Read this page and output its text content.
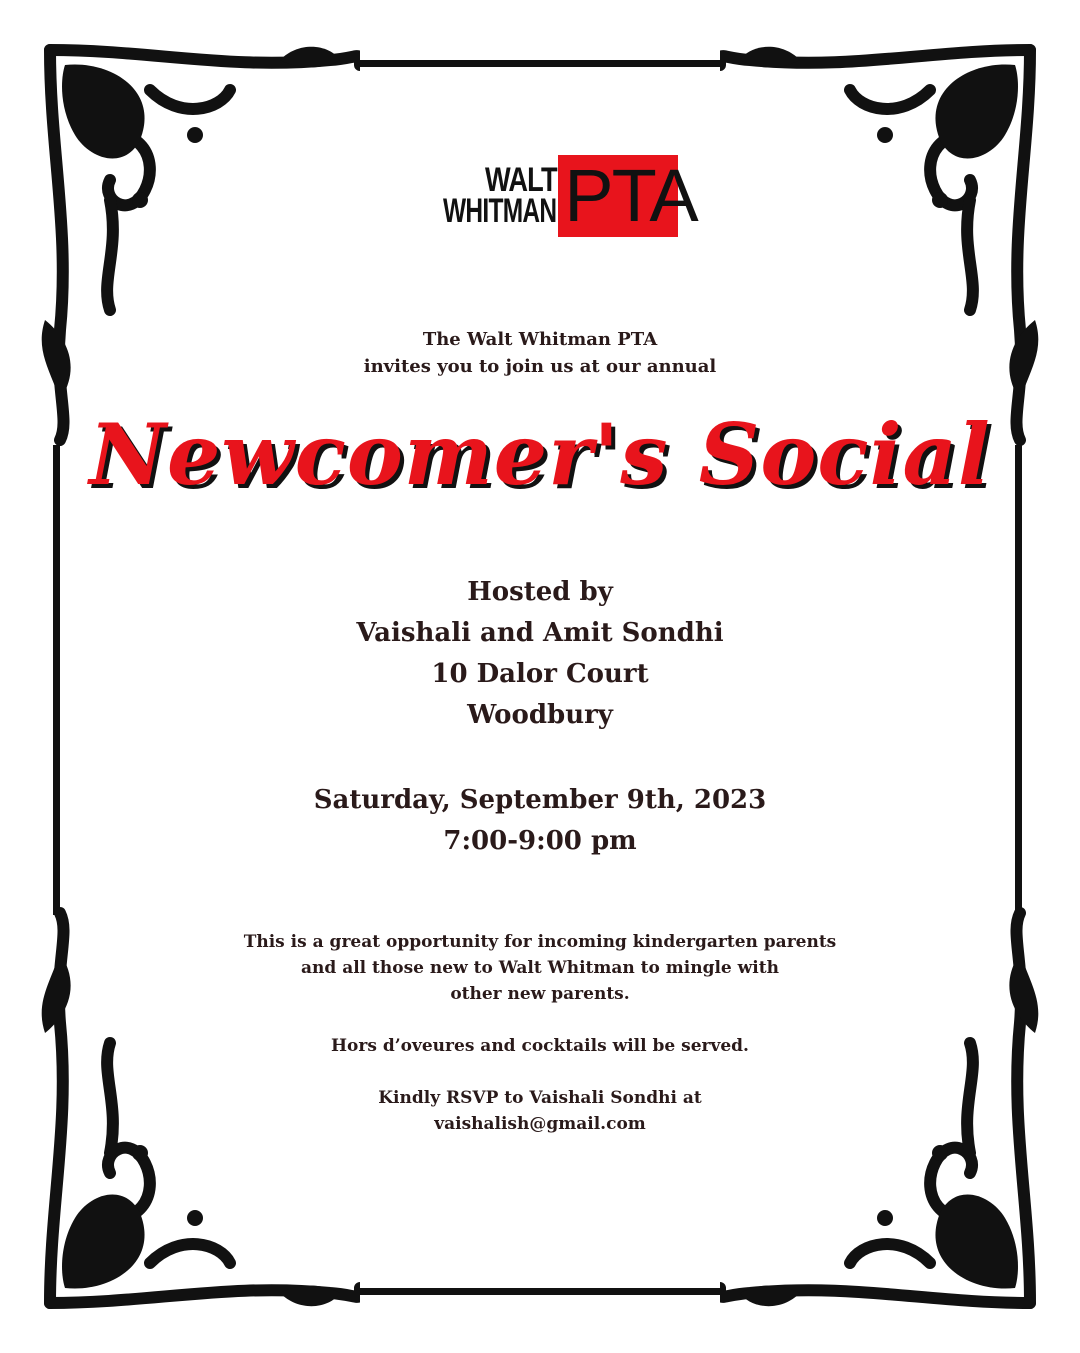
WALT
WHITMAN PTA
The Walt Whitman PTA
invites you to join us at our annual
Newcomer's Social
Hosted by
Vaishali and Amit Sondhi
10 Dalor Court
Woodbury
Saturday, September 9th, 2023
7:00-9:00 pm

This is a great opportunity for incoming kindergarten parents
and all those new to Walt Whitman to mingle with
other new parents.

Hors d’oveures and cocktails will be served.

Kindly RSVP to Vaishali Sondhi at
vaishalish@gmail.com
